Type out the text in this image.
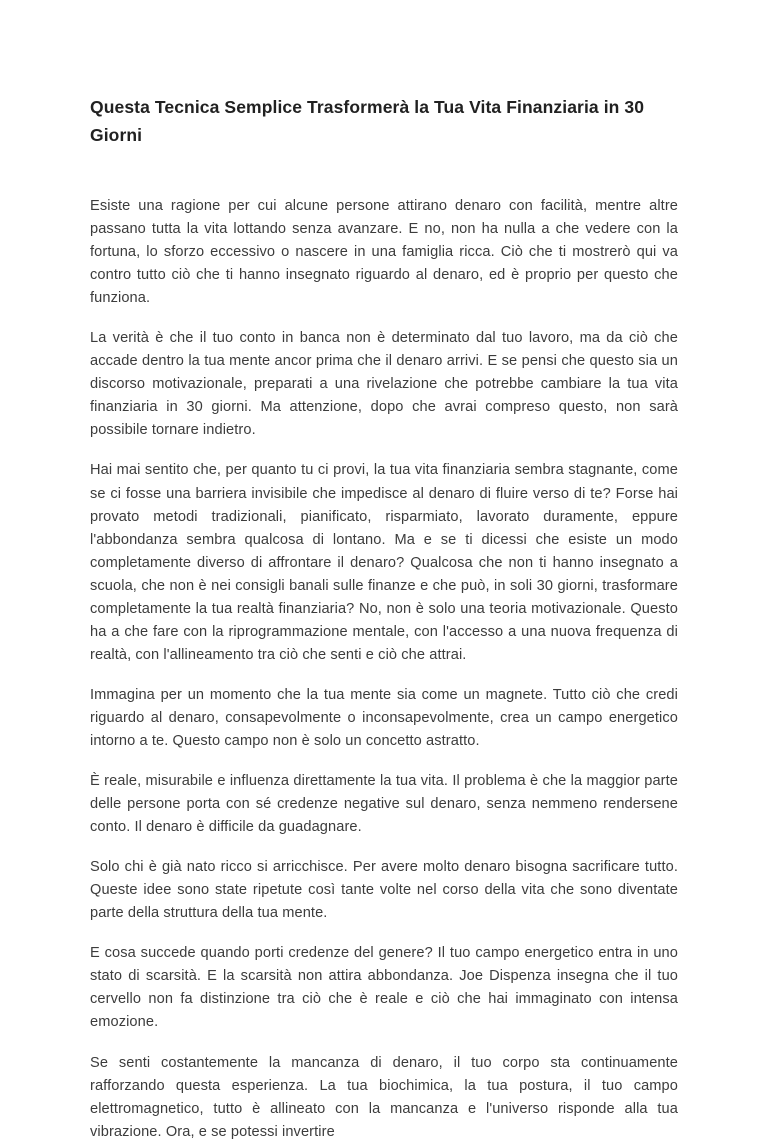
Questa Tecnica Semplice Trasformerà la Tua Vita Finanziaria in 30 Giorni

Esiste una ragione per cui alcune persone attirano denaro con facilità, mentre altre passano tutta la vita lottando senza avanzare. E no, non ha nulla a che vedere con la fortuna, lo sforzo eccessivo o nascere in una famiglia ricca. Ciò che ti mostrerò qui va contro tutto ciò che ti hanno insegnato riguardo al denaro, ed è proprio per questo che funziona.

La verità è che il tuo conto in banca non è determinato dal tuo lavoro, ma da ciò che accade dentro la tua mente ancor prima che il denaro arrivi. E se pensi che questo sia un discorso motivazionale, preparati a una rivelazione che potrebbe cambiare la tua vita finanziaria in 30 giorni. Ma attenzione, dopo che avrai compreso questo, non sarà possibile tornare indietro.

Hai mai sentito che, per quanto tu ci provi, la tua vita finanziaria sembra stagnante, come se ci fosse una barriera invisibile che impedisce al denaro di fluire verso di te? Forse hai provato metodi tradizionali, pianificato, risparmiato, lavorato duramente, eppure l'abbondanza sembra qualcosa di lontano. Ma e se ti dicessi che esiste un modo completamente diverso di affrontare il denaro? Qualcosa che non ti hanno insegnato a scuola, che non è nei consigli banali sulle finanze e che può, in soli 30 giorni, trasformare completamente la tua realtà finanziaria? No, non è solo una teoria motivazionale. Questo ha a che fare con la riprogrammazione mentale, con l'accesso a una nuova frequenza di realtà, con l'allineamento tra ciò che senti e ciò che attrai.

Immagina per un momento che la tua mente sia come un magnete. Tutto ciò che credi riguardo al denaro, consapevolmente o inconsapevolmente, crea un campo energetico intorno a te. Questo campo non è solo un concetto astratto.

È reale, misurabile e influenza direttamente la tua vita. Il problema è che la maggior parte delle persone porta con sé credenze negative sul denaro, senza nemmeno rendersene conto. Il denaro è difficile da guadagnare.

Solo chi è già nato ricco si arricchisce. Per avere molto denaro bisogna sacrificare tutto. Queste idee sono state ripetute così tante volte nel corso della vita che sono diventate parte della struttura della tua mente.

E cosa succede quando porti credenze del genere? Il tuo campo energetico entra in uno stato di scarsità. E la scarsità non attira abbondanza. Joe Dispenza insegna che il tuo cervello non fa distinzione tra ciò che è reale e ciò che hai immaginato con intensa emozione.

Se senti costantemente la mancanza di denaro, il tuo corpo sta continuamente rafforzando questa esperienza. La tua biochimica, la tua postura, il tuo campo elettromagnetico, tutto è allineato con la mancanza e l'universo risponde alla tua vibrazione. Ora, e se potessi invertire
